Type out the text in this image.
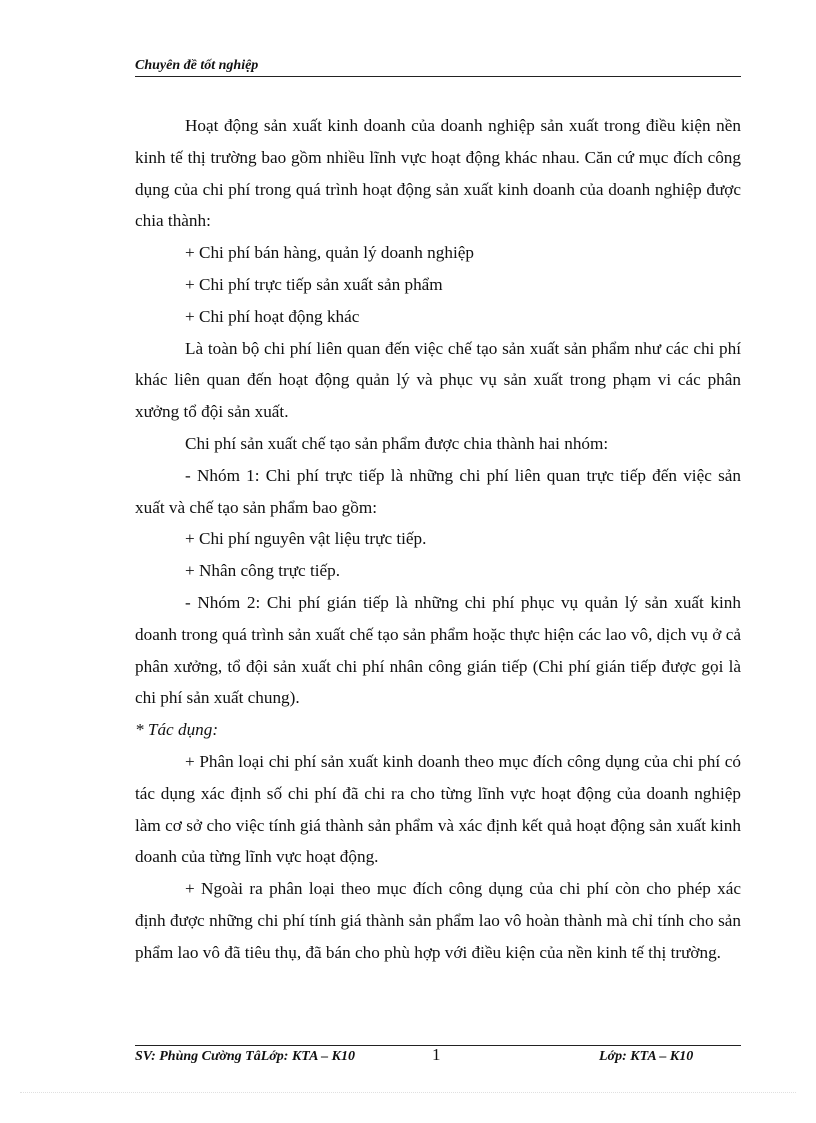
Chuyên đề tốt nghiệp

Hoạt động sản xuất kinh doanh của doanh nghiệp sản xuất trong điều kiện nền kinh tế thị trường bao gồm nhiều lĩnh vực hoạt động khác nhau. Căn cứ mục đích công dụng của chi phí trong quá trình hoạt động sản xuất kinh doanh của doanh nghiệp được chia thành:

+ Chi phí bán hàng, quản lý doanh nghiệp

+ Chi phí trực tiếp sản xuất sản phẩm

+ Chi phí hoạt động khác

Là toàn bộ chi phí liên quan đến việc chế tạo sản xuất sản phẩm như các chi phí khác liên quan đến hoạt động quản lý và phục vụ sản xuất trong phạm vi các phân xưởng tổ đội sản xuất.

Chi phí sản xuất chế tạo sản phẩm được chia thành hai nhóm:

- Nhóm 1: Chi phí trực tiếp là những chi phí liên quan trực tiếp đến việc sản xuất và chế tạo sản phẩm bao gồm:

+ Chi phí nguyên vật liệu trực tiếp.

+ Nhân công trực tiếp.

- Nhóm 2: Chi phí gián tiếp là những chi phí phục vụ quản lý sản xuất kinh doanh trong quá trình sản xuất chế tạo sản phẩm hoặc thực hiện các lao vô, dịch vụ ở cả phân xưởng, tổ đội sản xuất chi phí nhân công gián tiếp (Chi phí gián tiếp được gọi là chi phí sản xuất chung).

* Tác dụng:

+ Phân loại chi phí sản xuất kinh doanh theo mục đích công dụng của chi phí có tác dụng xác định số chi phí đã chi ra cho từng lĩnh vực hoạt động của doanh nghiệp làm cơ sở cho việc tính giá thành sản phẩm và xác định kết quả hoạt động sản xuất kinh doanh của từng lĩnh vực hoạt động.

+ Ngoài ra phân loại theo mục đích công dụng của chi phí còn cho phép xác định được những chi phí tính giá thành sản phẩm lao vô hoàn thành mà chỉ tính cho sản phẩm lao vô đã tiêu thụ, đã bán cho phù hợp với điều kiện của nền kinh tế thị trường.

SV: Phùng Cường TâLớp: KTA – K10	1	Lớp: KTA – K10
